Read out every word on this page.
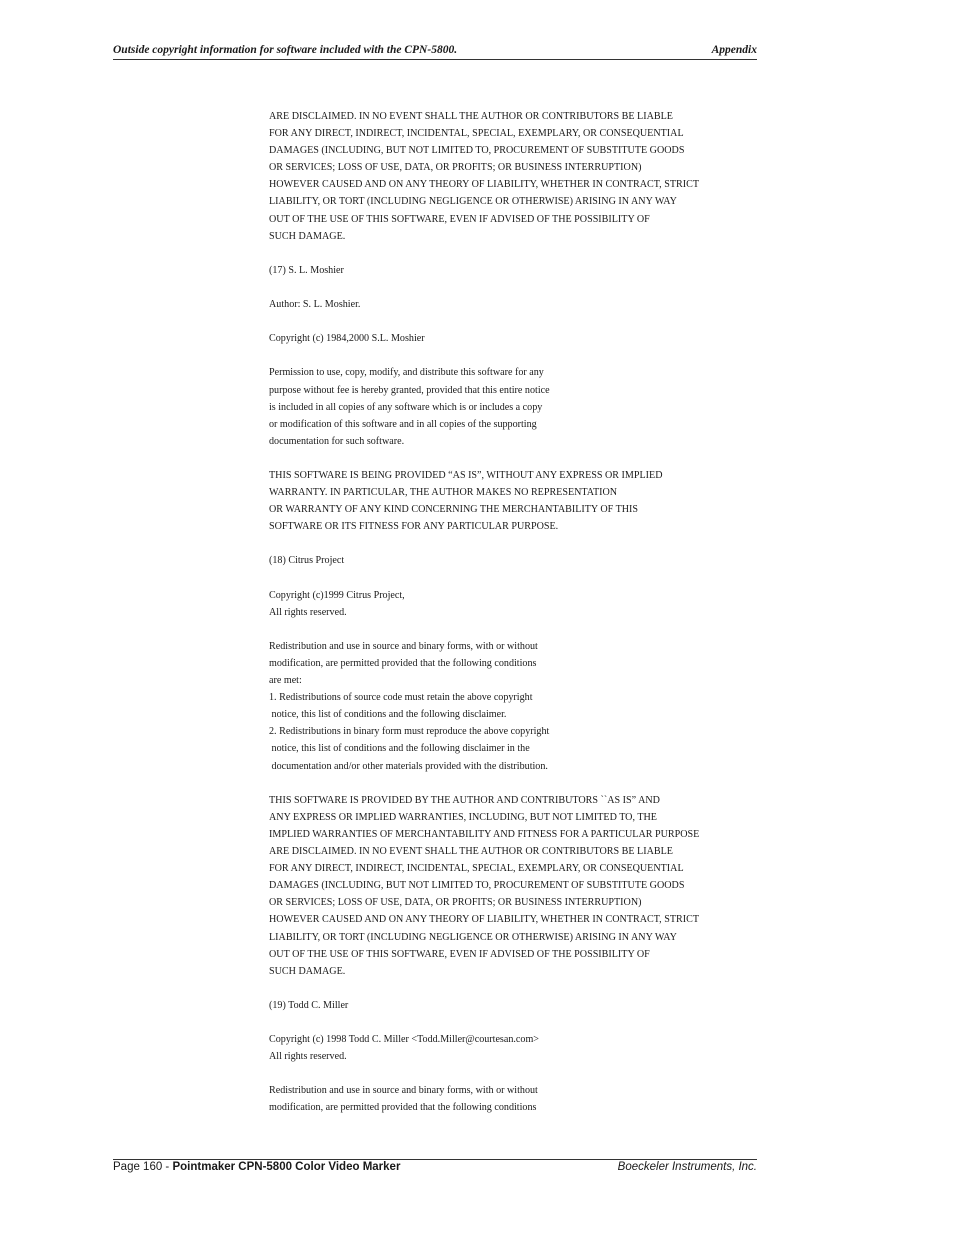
Outside copyright information for software included with the CPN-5800.	Appendix
ARE DISCLAIMED. IN NO EVENT SHALL THE AUTHOR OR CONTRIBUTORS BE LIABLE
FOR ANY DIRECT, INDIRECT, INCIDENTAL, SPECIAL, EXEMPLARY, OR CONSEQUENTIAL
DAMAGES (INCLUDING, BUT NOT LIMITED TO, PROCUREMENT OF SUBSTITUTE GOODS
OR SERVICES; LOSS OF USE, DATA, OR PROFITS; OR BUSINESS INTERRUPTION)
HOWEVER CAUSED AND ON ANY THEORY OF LIABILITY, WHETHER IN CONTRACT, STRICT
LIABILITY, OR TORT (INCLUDING NEGLIGENCE OR OTHERWISE) ARISING IN ANY WAY
OUT OF THE USE OF THIS SOFTWARE, EVEN IF ADVISED OF THE POSSIBILITY OF
SUCH DAMAGE.
(17) S. L. Moshier
Author: S. L. Moshier.
Copyright (c) 1984,2000 S.L. Moshier
Permission to use, copy, modify, and distribute this software for any
purpose without fee is hereby granted, provided that this entire notice
is included in all copies of any software which is or includes a copy
or modification of this software and in all copies of the supporting
documentation for such software.
THIS SOFTWARE IS BEING PROVIDED “AS IS”, WITHOUT ANY EXPRESS OR IMPLIED
WARRANTY. IN PARTICULAR, THE AUTHOR MAKES NO REPRESENTATION
OR WARRANTY OF ANY KIND CONCERNING THE MERCHANTABILITY OF THIS
SOFTWARE OR ITS FITNESS FOR ANY PARTICULAR PURPOSE.
(18) Citrus Project
Copyright (c)1999 Citrus Project,
All rights reserved.
Redistribution and use in source and binary forms, with or without
modification, are permitted provided that the following conditions
are met:
1. Redistributions of source code must retain the above copyright
notice, this list of conditions and the following disclaimer.
2. Redistributions in binary form must reproduce the above copyright
notice, this list of conditions and the following disclaimer in the
documentation and/or other materials provided with the distribution.
THIS SOFTWARE IS PROVIDED BY THE AUTHOR AND CONTRIBUTORS ``AS IS” AND
ANY EXPRESS OR IMPLIED WARRANTIES, INCLUDING, BUT NOT LIMITED TO, THE
IMPLIED WARRANTIES OF MERCHANTABILITY AND FITNESS FOR A PARTICULAR PURPOSE
ARE DISCLAIMED. IN NO EVENT SHALL THE AUTHOR OR CONTRIBUTORS BE LIABLE
FOR ANY DIRECT, INDIRECT, INCIDENTAL, SPECIAL, EXEMPLARY, OR CONSEQUENTIAL
DAMAGES (INCLUDING, BUT NOT LIMITED TO, PROCUREMENT OF SUBSTITUTE GOODS
OR SERVICES; LOSS OF USE, DATA, OR PROFITS; OR BUSINESS INTERRUPTION)
HOWEVER CAUSED AND ON ANY THEORY OF LIABILITY, WHETHER IN CONTRACT, STRICT
LIABILITY, OR TORT (INCLUDING NEGLIGENCE OR OTHERWISE) ARISING IN ANY WAY
OUT OF THE USE OF THIS SOFTWARE, EVEN IF ADVISED OF THE POSSIBILITY OF
SUCH DAMAGE.
(19) Todd C. Miller
Copyright (c) 1998 Todd C. Miller <Todd.Miller@courtesan.com>
All rights reserved.
Redistribution and use in source and binary forms, with or without
modification, are permitted provided that the following conditions
Page 160 - Pointmaker CPN-5800 Color Video Marker	Boeckeler Instruments, Inc.
